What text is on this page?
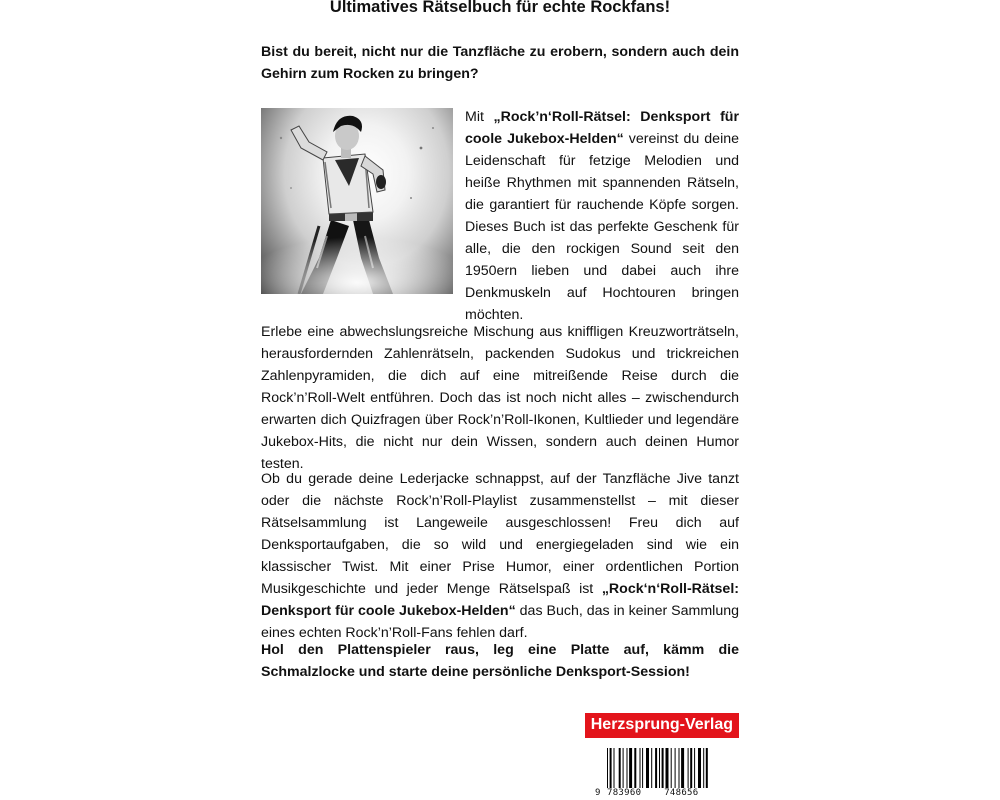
Ultimatives Rätselbuch für echte Rockfans!

Bist du bereit, nicht nur die Tanzfläche zu erobern, sondern auch dein Gehirn zum Rocken zu bringen?

Mit „Rock’n‘Roll-Rätsel: Denksport für coole Jukebox-Helden“ vereinst du deine Leidenschaft für fetzige Melodien und heiße Rhythmen mit spannenden Rätseln, die garantiert für rauchende Köpfe sorgen. Dieses Buch ist das perfekte Geschenk für alle, die den rockigen Sound seit den 1950ern lieben und dabei auch ihre Denkmuskeln auf Hochtouren bringen möchten.

Erlebe eine abwechslungsreiche Mischung aus kniffligen Kreuzworträtseln, herausfordernden Zahlenrätseln, packenden Sudokus und trickreichen Zahlenpyramiden, die dich auf eine mitreißende Reise durch die Rock’n’Roll-Welt entführen. Doch das ist noch nicht alles – zwischendurch erwarten dich Quizfragen über Rock’n’Roll-Ikonen, Kultlieder und legendäre Jukebox-Hits, die nicht nur dein Wissen, sondern auch deinen Humor testen.

Ob du gerade deine Lederjacke schnappst, auf der Tanzfläche Jive tanzt oder die nächste Rock’n’Roll-Playlist zusammenstellst – mit dieser Rätselsammlung ist Langeweile ausgeschlossen! Freu dich auf Denksportaufgaben, die so wild und energiegeladen sind wie ein klassischer Twist. Mit einer Prise Humor, einer ordentlichen Portion Musikgeschichte und jeder Menge Rätselspaß ist „Rock‘n‘Roll-Rätsel: Denksport für coole Jukebox-Helden“ das Buch, das in keiner Sammlung eines echten Rock’n’Roll-Fans fehlen darf.

Hol den Plattenspieler raus, leg eine Platte auf, kämm die Schmalzlocke und starte deine persönliche Denksport-Session!

Herzsprung-Verlag
9 783960	748656
